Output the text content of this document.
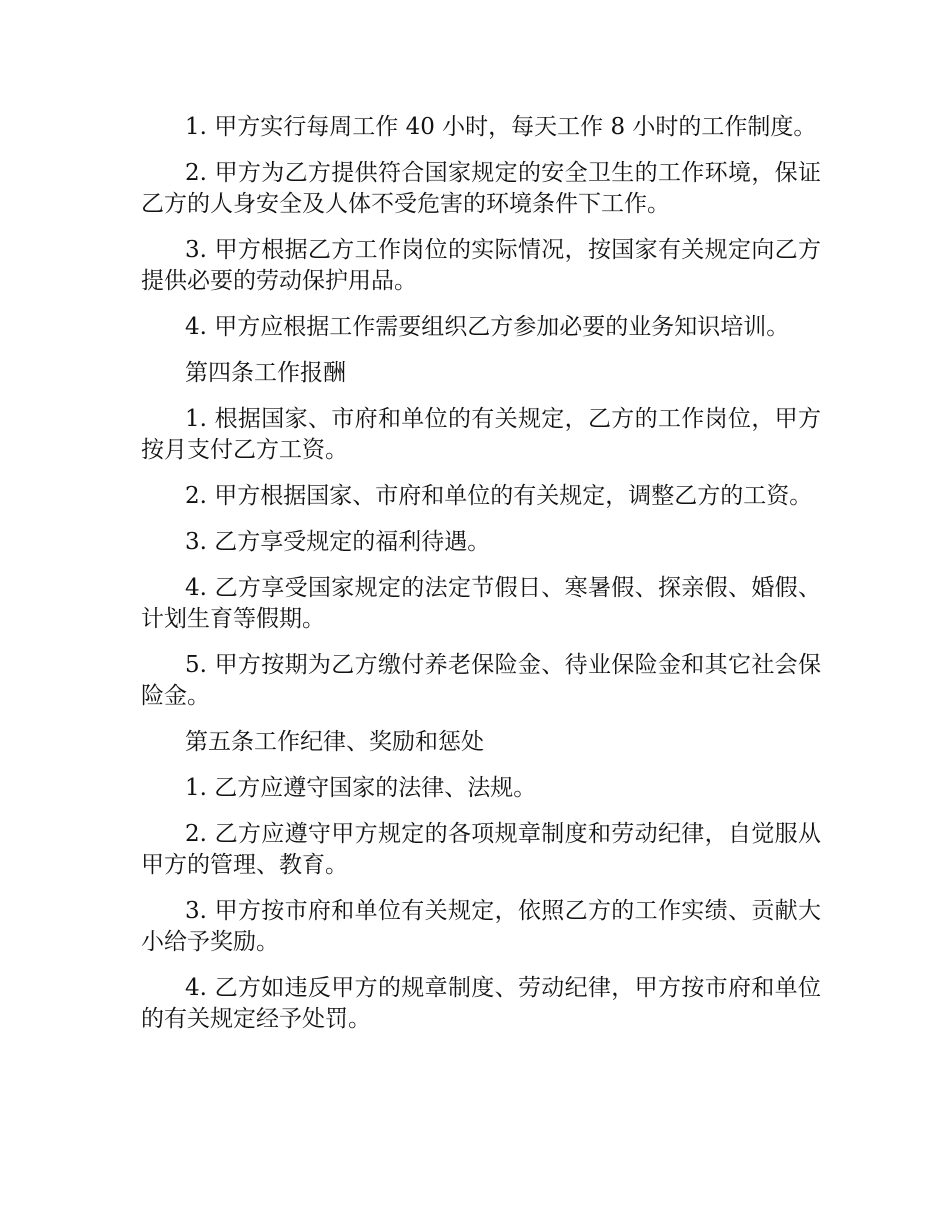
1. 甲方实行每周工作 40 小时，每天工作 8 小时的工作制度。

2. 甲方为乙方提供符合国家规定的安全卫生的工作环境，保证乙方的人身安全及人体不受危害的环境条件下工作。

3. 甲方根据乙方工作岗位的实际情况，按国家有关规定向乙方提供必要的劳动保护用品。

4. 甲方应根据工作需要组织乙方参加必要的业务知识培训。

第四条工作报酬

1. 根据国家、市府和单位的有关规定，乙方的工作岗位，甲方按月支付乙方工资。

2. 甲方根据国家、市府和单位的有关规定，调整乙方的工资。

3. 乙方享受规定的福利待遇。

4. 乙方享受国家规定的法定节假日、寒暑假、探亲假、婚假、计划生育等假期。

5. 甲方按期为乙方缴付养老保险金、待业保险金和其它社会保险金。

第五条工作纪律、奖励和惩处

1. 乙方应遵守国家的法律、法规。

2. 乙方应遵守甲方规定的各项规章制度和劳动纪律，自觉服从甲方的管理、教育。

3. 甲方按市府和单位有关规定，依照乙方的工作实绩、贡献大小给予奖励。

4. 乙方如违反甲方的规章制度、劳动纪律，甲方按市府和单位的有关规定经予处罚。
